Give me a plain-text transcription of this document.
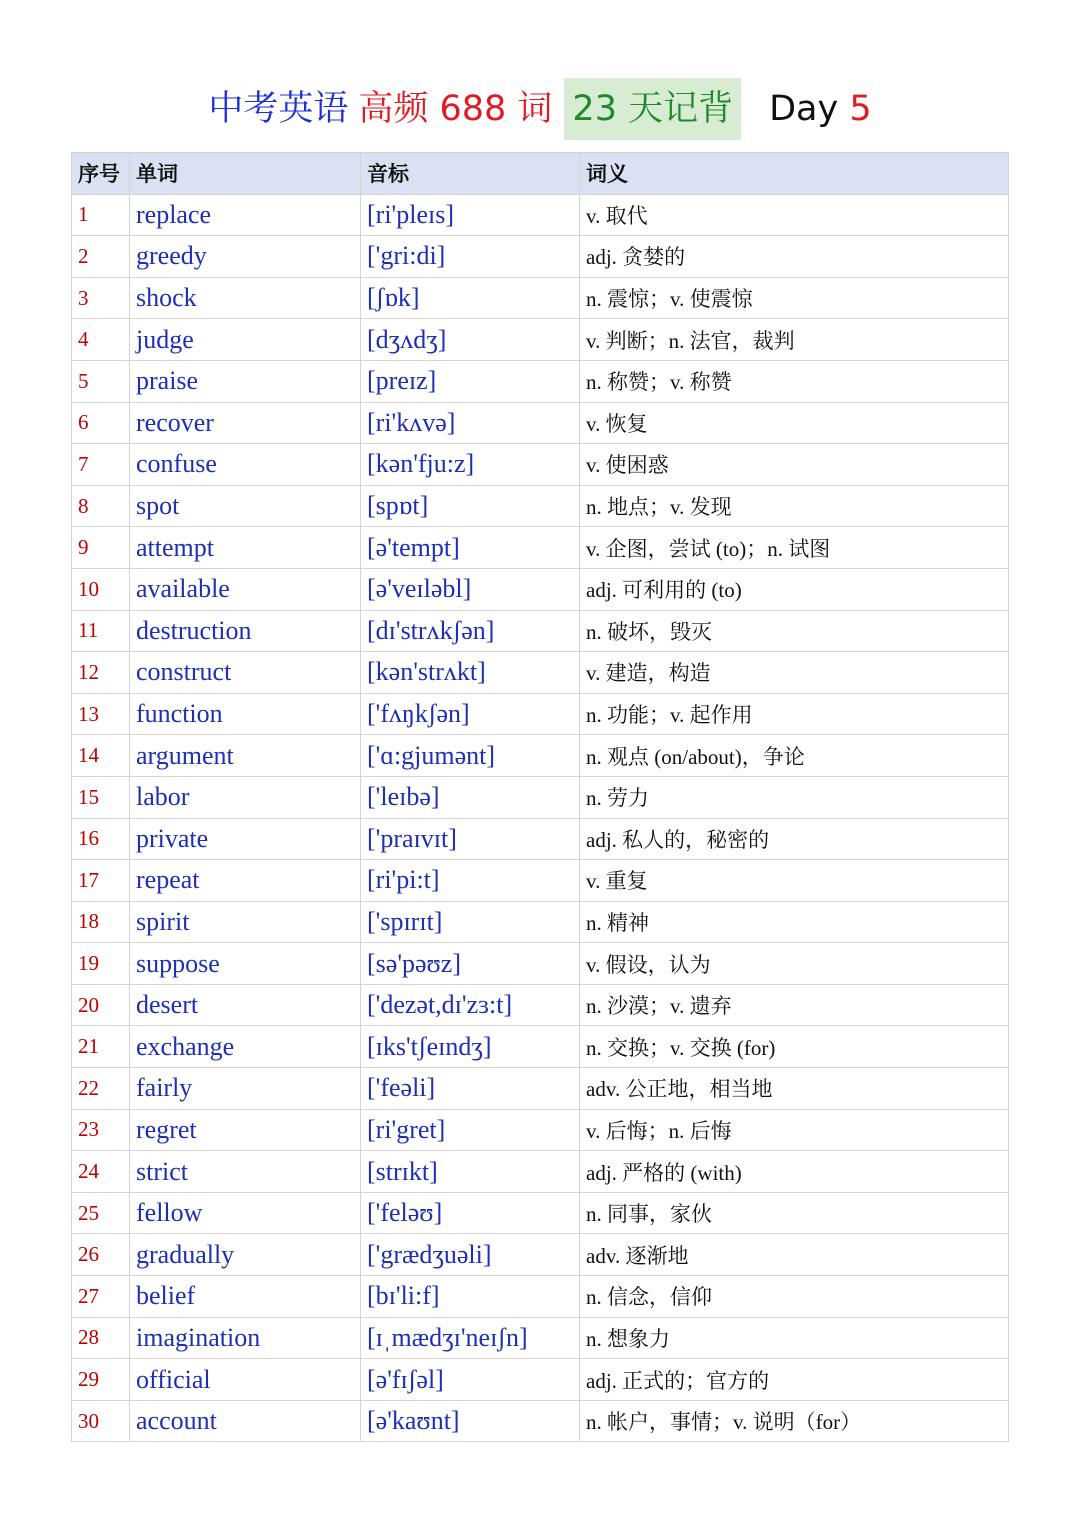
中考英语 高频 688 词 23 天记背 Day 5
序号	单词	音标	词义
1	replace	[ri'pleɪs]	v. 取代
2	greedy	['gri:di]	adj. 贪婪的
3	shock	[ʃɒk]	n. 震惊；v. 使震惊
4	judge	[dʒʌdʒ]	v. 判断；n. 法官，裁判
5	praise	[preɪz]	n. 称赞；v. 称赞
6	recover	[ri'kʌvə]	v. 恢复
7	confuse	[kən'fju:z]	v. 使困惑
8	spot	[spɒt]	n. 地点；v. 发现
9	attempt	[ə'tempt]	v. 企图，尝试 (to)；n. 试图
10	available	[ə'veɪləbl]	adj. 可利用的 (to)
11	destruction	[dɪ'strʌkʃən]	n. 破坏，毁灭
12	construct	[kən'strʌkt]	v. 建造，构造
13	function	['fʌŋkʃən]	n. 功能；v. 起作用
14	argument	['ɑ:gjumənt]	n. 观点 (on/about)，争论
15	labor	['leɪbə]	n. 劳力
16	private	['praɪvɪt]	adj. 私人的，秘密的
17	repeat	[ri'pi:t]	v. 重复
18	spirit	['spɪrɪt]	n. 精神
19	suppose	[sə'pəʊz]	v. 假设，认为
20	desert	['dezət,dɪ'zɜ:t]	n. 沙漠；v. 遗弃
21	exchange	[ɪks'tʃeɪndʒ]	n. 交换；v. 交换 (for)
22	fairly	['feəli]	adv. 公正地，相当地
23	regret	[ri'gret]	v. 后悔；n. 后悔
24	strict	[strɪkt]	adj. 严格的 (with)
25	fellow	['feləʊ]	n. 同事，家伙
26	gradually	['grædʒuəli]	adv. 逐渐地
27	belief	[bɪ'li:f]	n. 信念，信仰
28	imagination	[ɪˌmædʒɪ'neɪʃn]	n. 想象力
29	official	[ə'fɪʃəl]	adj. 正式的；官方的
30	account	[ə'kaʊnt]	n. 帐户，事情；v. 说明（for）
